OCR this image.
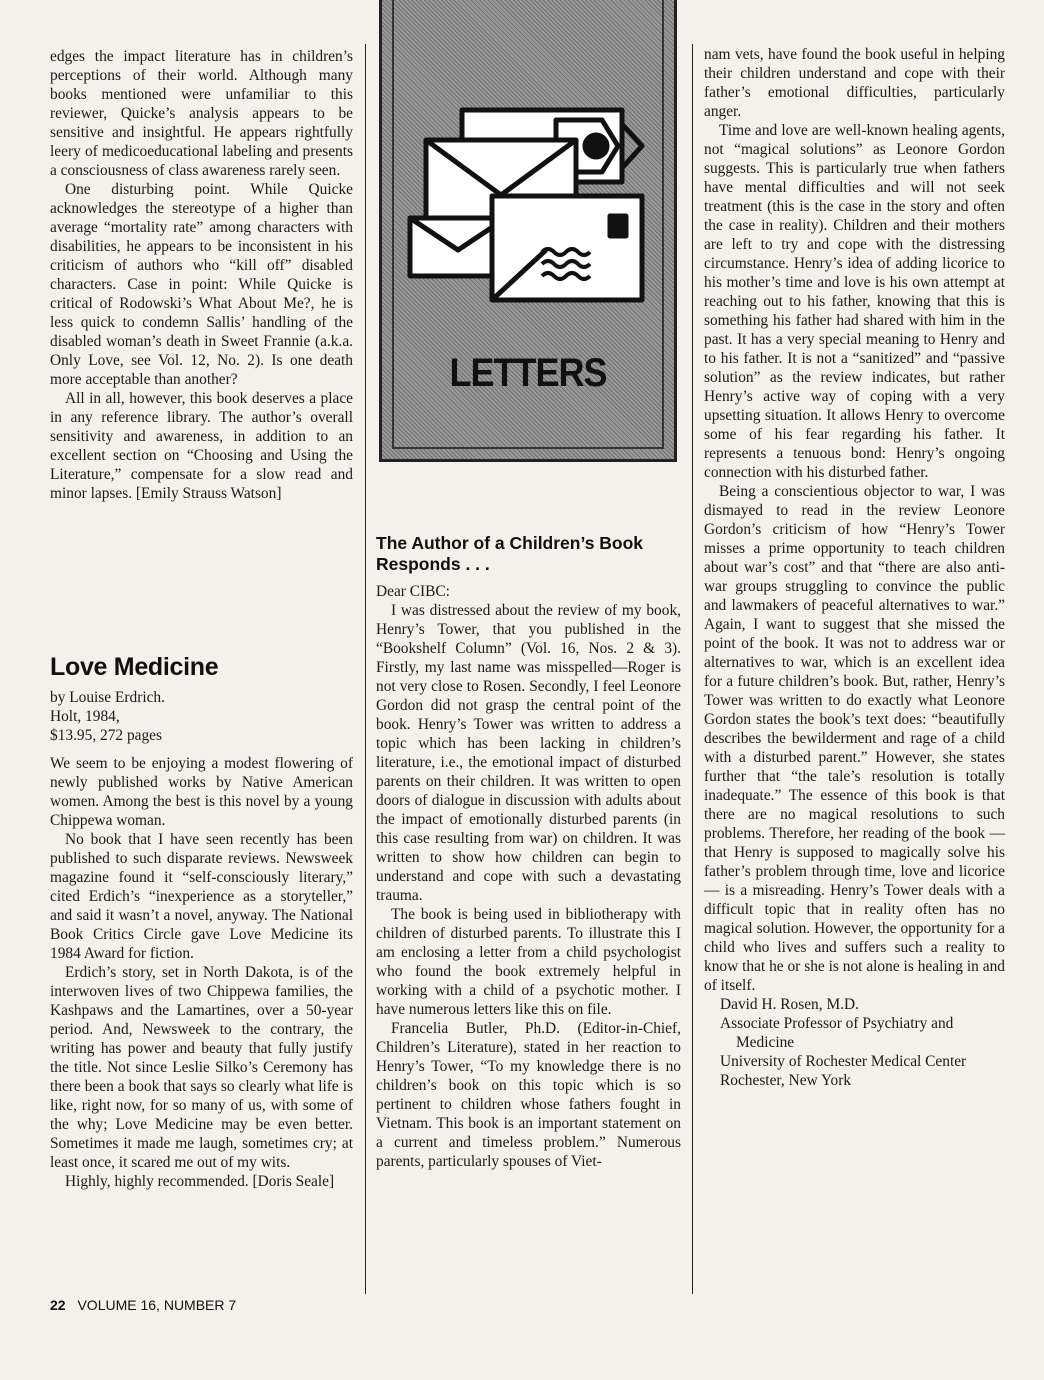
edges the impact literature has in children’s perceptions of their world. Although many books mentioned were unfamiliar to this reviewer, Quicke’s analysis appears to be sensitive and insightful. He appears rightfully leery of medicoeducational labeling and presents a consciousness of class awareness rarely seen.

One disturbing point. While Quicke acknowledges the stereotype of a higher than average “mortality rate” among characters with disabilities, he appears to be inconsistent in his criticism of authors who “kill off” disabled characters. Case in point: While Quicke is critical of Rodowski’s What About Me?, he is less quick to condemn Sallis’ handling of the disabled woman’s death in Sweet Frannie (a.k.a. Only Love, see Vol. 12, No. 2). Is one death more acceptable than another?

All in all, however, this book deserves a place in any reference library. The author’s overall sensitivity and awareness, in addition to an excellent section on “Choosing and Using the Literature,” compensate for a slow read and minor lapses. [Emily Strauss Watson]

Love Medicine
by Louise Erdrich.
Holt, 1984,
$13.95, 272 pages

We seem to be enjoying a modest flowering of newly published works by Native American women. Among the best is this novel by a young Chippewa woman.

No book that I have seen recently has been published to such disparate reviews. Newsweek magazine found it “self-consciously literary,” cited Erdich’s “inexperience as a storyteller,” and said it wasn’t a novel, anyway. The National Book Critics Circle gave Love Medicine its 1984 Award for fiction.

Erdich’s story, set in North Dakota, is of the interwoven lives of two Chippewa families, the Kashpaws and the Lamartines, over a 50-year period. And, Newsweek to the contrary, the writing has power and beauty that fully justify the title. Not since Leslie Silko’s Ceremony has there been a book that says so clearly what life is like, right now, for so many of us, with some of the why; Love Medicine may be even better. Sometimes it made me laugh, sometimes cry; at least once, it scared me out of my wits.

Highly, highly recommended. [Doris Seale]

LETTERS
The Author of a Children’s Book Responds . . .

Dear CIBC:

I was distressed about the review of my book, Henry’s Tower, that you published in the “Bookshelf Column” (Vol. 16, Nos. 2 & 3). Firstly, my last name was misspelled—Roger is not very close to Rosen. Secondly, I feel Leonore Gordon did not grasp the central point of the book. Henry’s Tower was written to address a topic which has been lacking in children’s literature, i.e., the emotional impact of disturbed parents on their children. It was written to open doors of dialogue in discussion with adults about the impact of emotionally disturbed parents (in this case resulting from war) on children. It was written to show how children can begin to understand and cope with such a devastating trauma.

The book is being used in bibliotherapy with children of disturbed parents. To illustrate this I am enclosing a letter from a child psychologist who found the book extremely helpful in working with a child of a psychotic mother. I have numerous letters like this on file.

Francelia Butler, Ph.D. (Editor-in-Chief, Children’s Literature), stated in her reaction to Henry’s Tower, “To my knowledge there is no children’s book on this topic which is so pertinent to children whose fathers fought in Vietnam. This book is an important statement on a current and timeless problem.” Numerous parents, particularly spouses of Viet-

nam vets, have found the book useful in helping their children understand and cope with their father’s emotional difficulties, particularly anger.

Time and love are well-known healing agents, not “magical solutions” as Leonore Gordon suggests. This is particularly true when fathers have mental difficulties and will not seek treatment (this is the case in the story and often the case in reality). Children and their mothers are left to try and cope with the distressing circumstance. Henry’s idea of adding licorice to his mother’s time and love is his own attempt at reaching out to his father, knowing that this is something his father had shared with him in the past. It has a very special meaning to Henry and to his father. It is not a “sanitized” and “passive solution” as the review indicates, but rather Henry’s active way of coping with a very upsetting situation. It allows Henry to overcome some of his fear regarding his father. It represents a tenuous bond: Henry’s ongoing connection with his disturbed father.

Being a conscientious objector to war, I was dismayed to read in the review Leonore Gordon’s criticism of how “Henry’s Tower misses a prime opportunity to teach children about war’s cost” and that “there are also anti-war groups struggling to convince the public and lawmakers of peaceful alternatives to war.” Again, I want to suggest that she missed the point of the book. It was not to address war or alternatives to war, which is an excellent idea for a future children’s book. But, rather, Henry’s Tower was written to do exactly what Leonore Gordon states the book’s text does: “beautifully describes the bewilderment and rage of a child with a disturbed parent.” However, she states further that “the tale’s resolution is totally inadequate.” The essence of this book is that there are no magical resolutions to such problems. Therefore, her reading of the book — that Henry is supposed to magically solve his father’s problem through time, love and licorice — is a misreading. Henry’s Tower deals with a difficult topic that in reality often has no magical solution. However, the opportunity for a child who lives and suffers such a reality to know that he or she is not alone is healing in and of itself.

David H. Rosen, M.D.
Associate Professor of Psychiatry and Medicine
University of Rochester Medical Center
Rochester, New York
22 VOLUME 16, NUMBER 7
